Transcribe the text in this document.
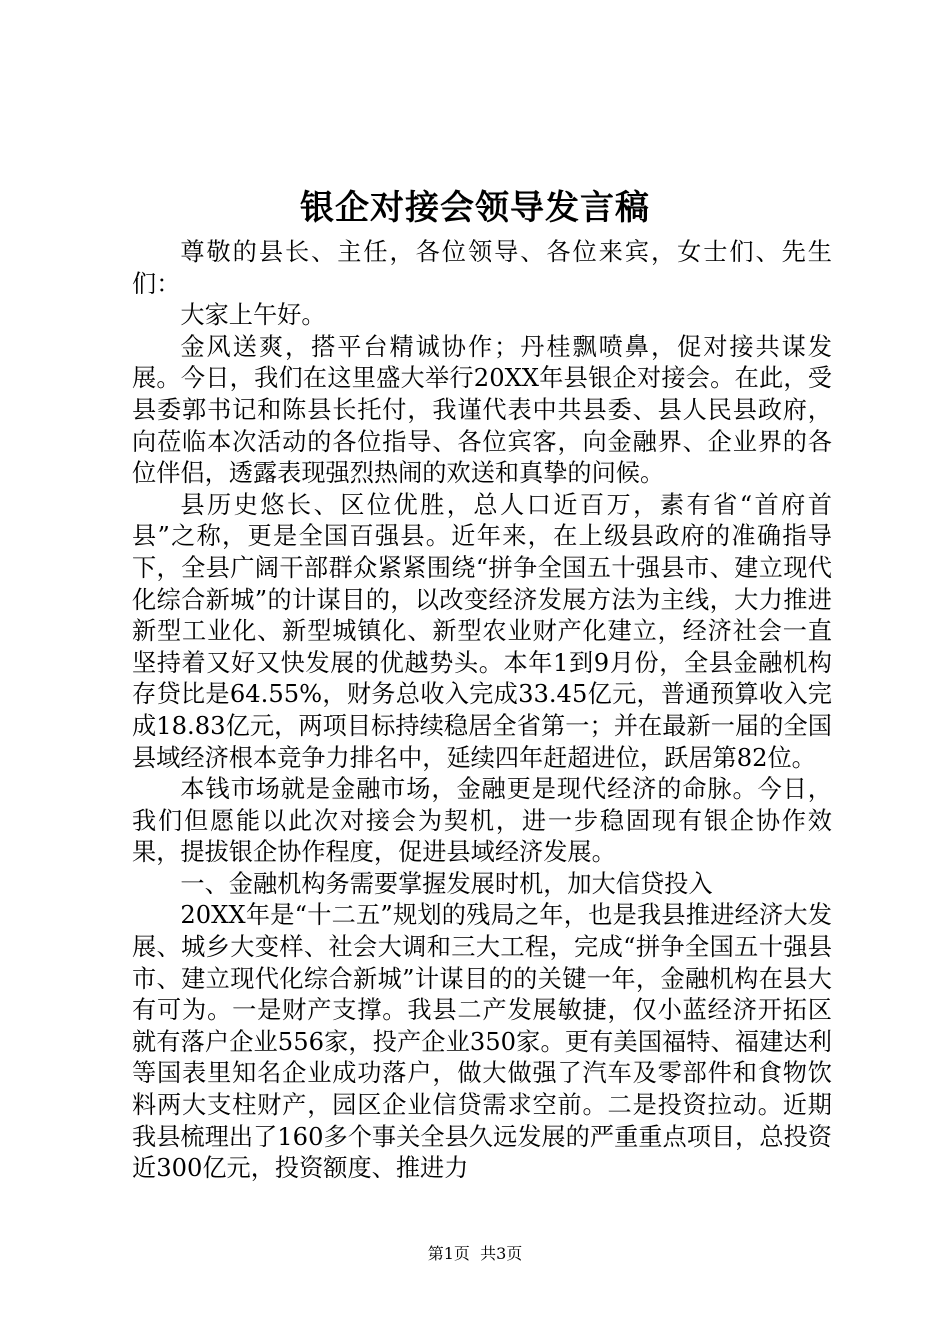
银企对接会领导发言稿

尊敬的县长、主任，各位领导、各位来宾，女士们、先生们：

大家上午好。

金风送爽，搭平台精诚协作；丹桂飘喷鼻，促对接共谋发展。今日，我们在这里盛大举行20XX年县银企对接会。在此，受县委郭书记和陈县长托付，我谨代表中共县委、县人民县政府，向莅临本次活动的各位指导、各位宾客，向金融界、企业界的各位伴侣，透露表现强烈热闹的欢送和真挚的问候。

县历史悠长、区位优胜，总人口近百万，素有省“首府首县”之称，更是全国百强县。近年来，在上级县政府的准确指导下，全县广阔干部群众紧紧围绕“拼争全国五十强县市、建立现代化综合新城”的计谋目的，以改变经济发展方法为主线，大力推进新型工业化、新型城镇化、新型农业财产化建立，经济社会一直坚持着又好又快发展的优越势头。本年1到9月份，全县金融机构存贷比是64.55%，财务总收入完成33.45亿元，普通预算收入完成18.83亿元，两项目标持续稳居全省第一；并在最新一届的全国县域经济根本竞争力排名中，延续四年赶超进位，跃居第82位。

本钱市场就是金融市场，金融更是现代经济的命脉。今日，我们但愿能以此次对接会为契机，进一步稳固现有银企协作效果，提拔银企协作程度，促进县域经济发展。

一、金融机构务需要掌握发展时机，加大信贷投入

20XX年是“十二五”规划的残局之年，也是我县推进经济大发展、城乡大变样、社会大调和三大工程，完成“拼争全国五十强县市、建立现代化综合新城”计谋目的的关键一年，金融机构在县大有可为。一是财产支撑。我县二产发展敏捷，仅小蓝经济开拓区就有落户企业556家，投产企业350家。更有美国福特、福建达利等国表里知名企业成功落户，做大做强了汽车及零部件和食物饮料两大支柱财产，园区企业信贷需求空前。二是投资拉动。近期我县梳理出了160多个事关全县久远发展的严重重点项目，总投资近300亿元，投资额度、推进力

第1页 共3页
